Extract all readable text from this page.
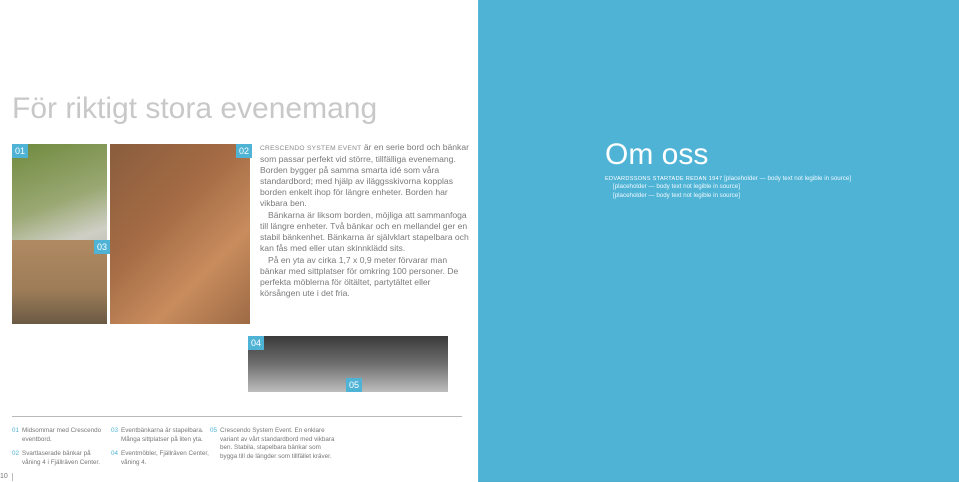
För riktigt stora evenemang
01	02
03
04
05

CRESCENDO SYSTEM EVENT är en serie bord och bänkar som passar perfekt vid större, tillfälliga evenemang. Borden bygger på samma smarta idé som våra standardbord; med hjälp av iläggsskivorna kopplas borden enkelt ihop för längre enheter. Borden har vikbara ben.

Bänkarna är liksom borden, möjliga att sammanfoga till längre enheter. Två bänkar och en mellandel ger en stabil bänkenhet. Bänkarna är självklart stapelbara och kan fås med eller utan skinnklädd sits.

På en yta av cirka 1,7 x 0,9 meter förvarar man bänkar med sittplatser för omkring 100 personer. De perfekta möblerna för öltältet, partytältet eller körsången ute i det fria.

01 Midsommar med Crescendo eventbord.
02 Svartlaserade bänkar på våning 4 i Fjällräven Center.
03 Eventbänkarna är stapelbara. Många sittplatser på liten yta.
04 Eventmöbler, Fjällräven Center, våning 4.
05 Crescendo System Event. En enklare variant av vårt standardbord med vikbara ben. Stabila, stapelbara bänkar som bygga till de längder som tillfället kräver.
10
Om oss

EDVARDSSONS STARTADE REDAN 1947 [placeholder — body text not legible in source]

[placeholder — body text not legible in source]

[placeholder — body text not legible in source]
